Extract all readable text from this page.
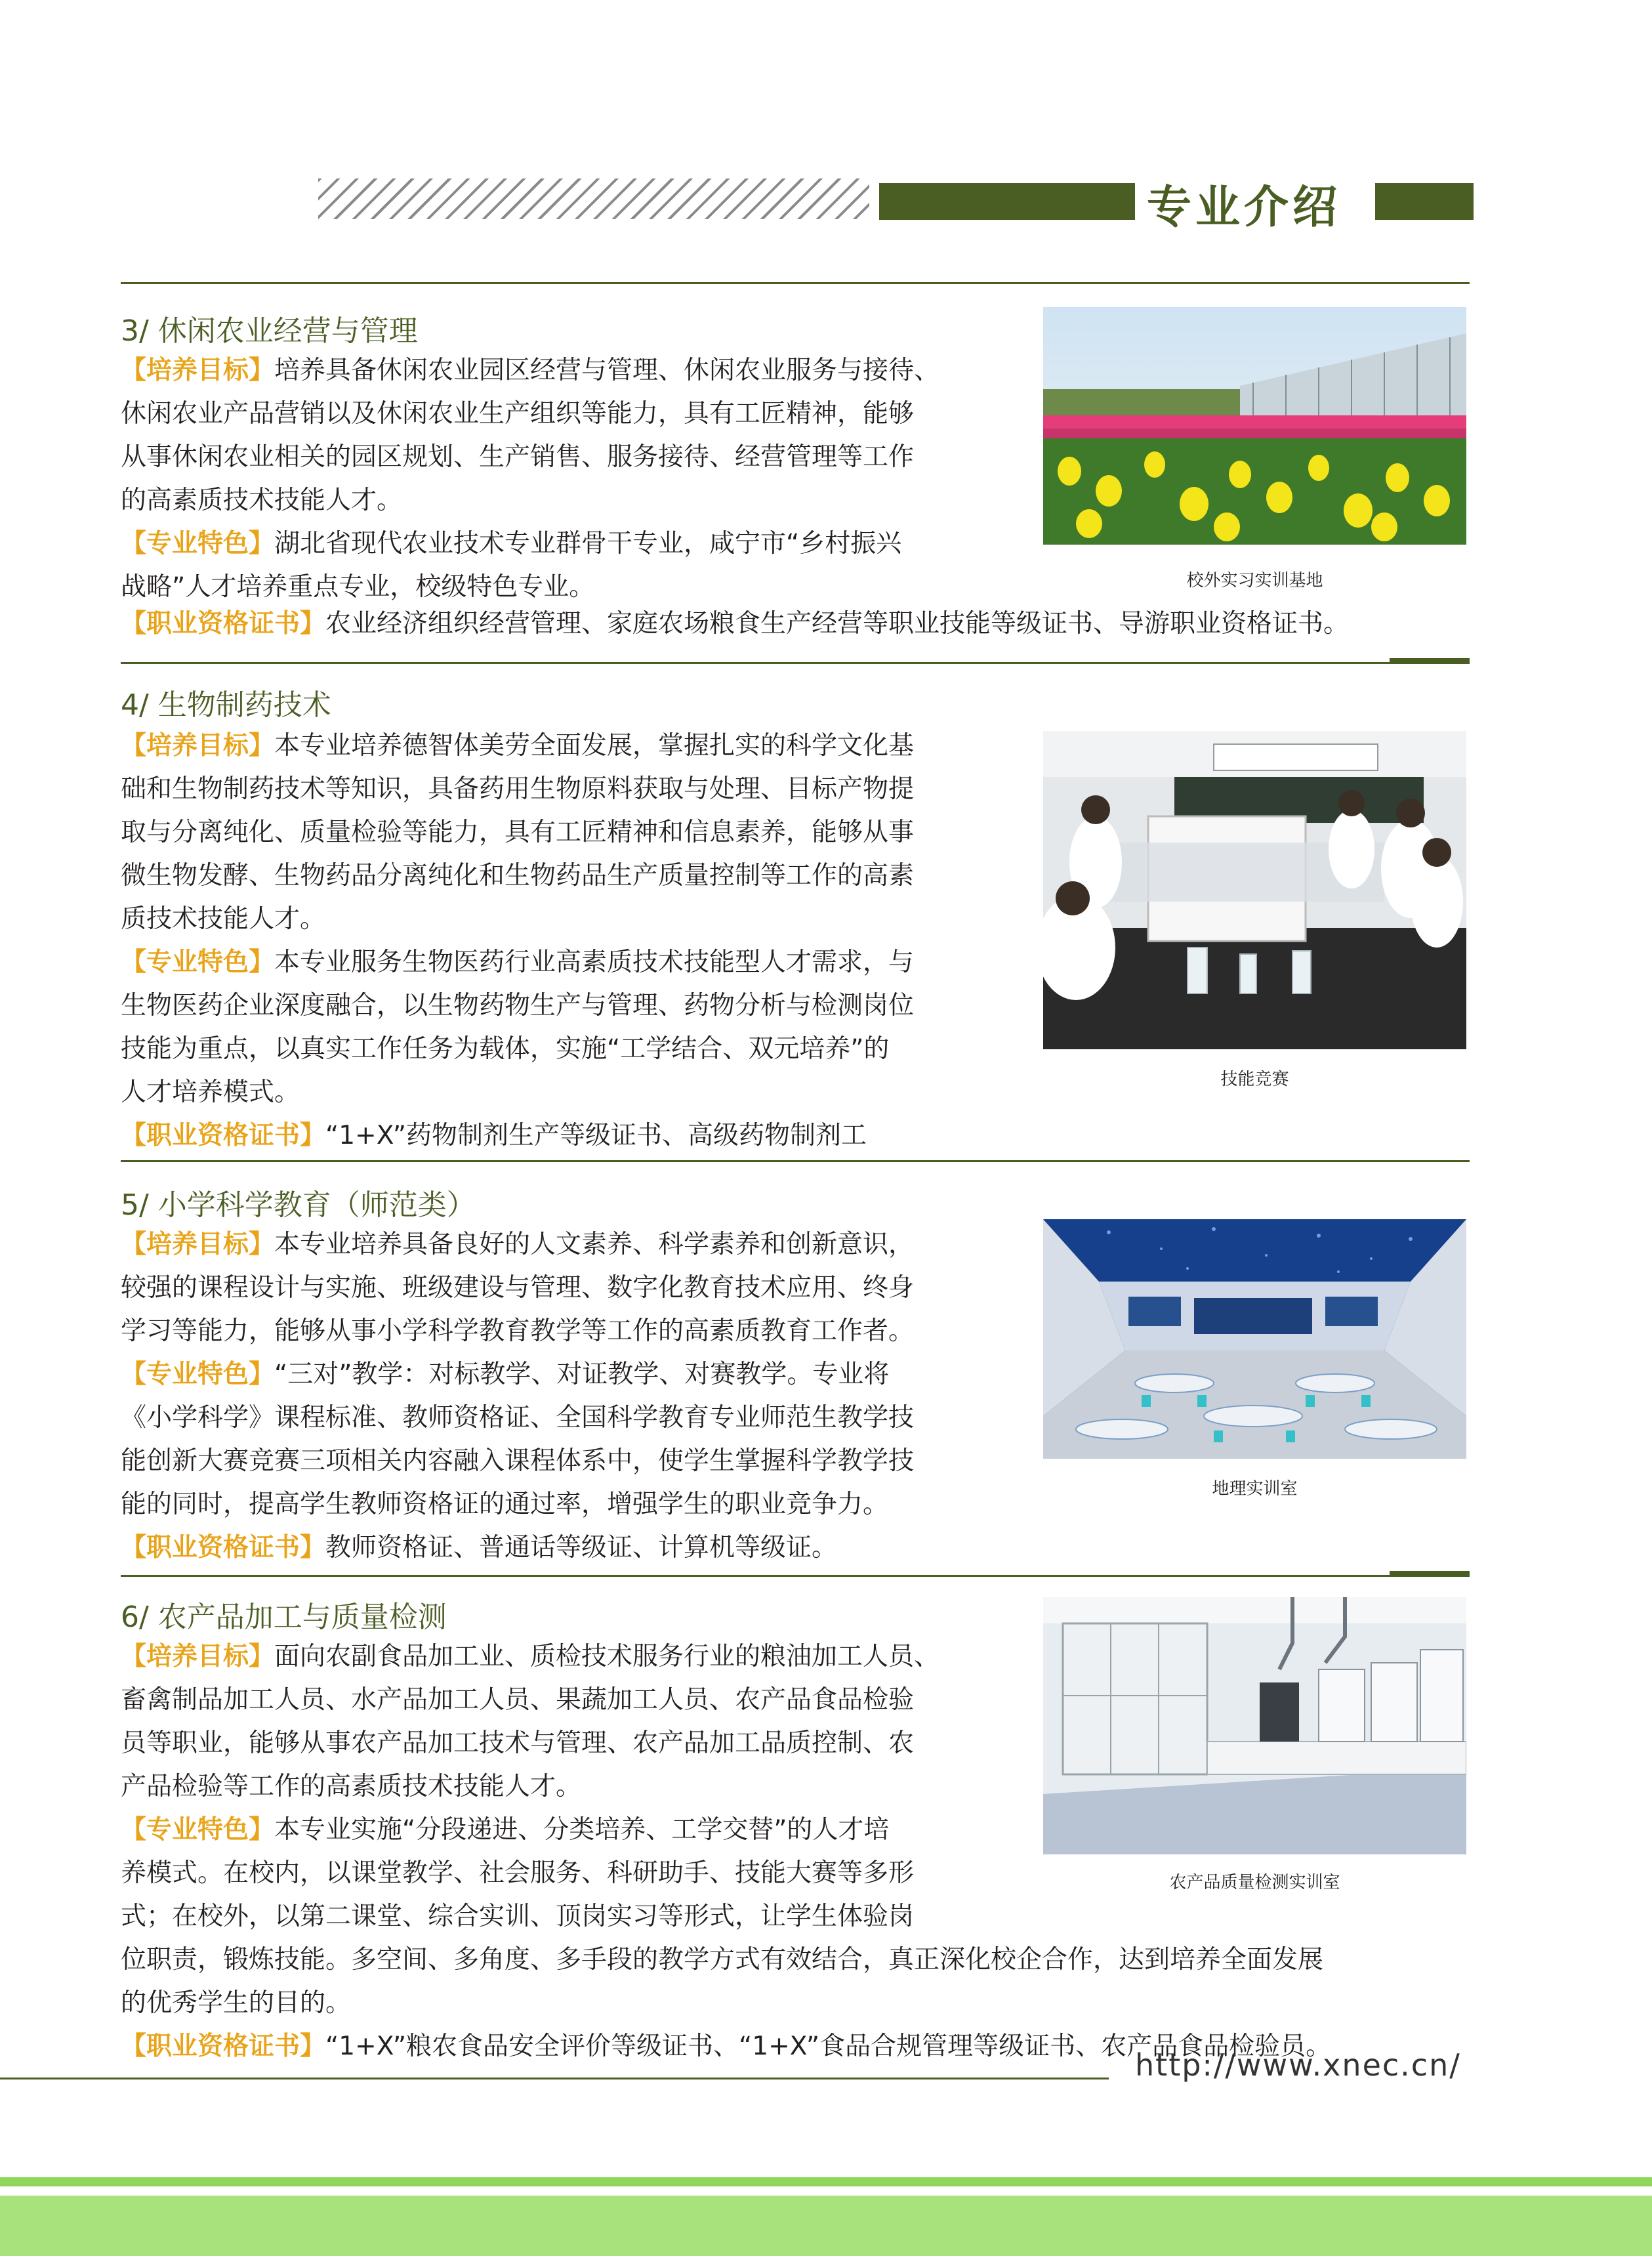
专业介绍
3/ 休闲农业经营与管理
【培养目标】培养具备休闲农业园区经营与管理、休闲农业服务与接待、
休闲农业产品营销以及休闲农业生产组织等能力，具有工匠精神，能够
从事休闲农业相关的园区规划、生产销售、服务接待、经营管理等工作
的高素质技术技能人才。
【专业特色】湖北省现代农业技术专业群骨干专业，咸宁市“乡村振兴
战略”人才培养重点专业，校级特色专业。
【职业资格证书】农业经济组织经营管理、家庭农场粮食生产经营等职业技能等级证书、导游职业资格证书。
校外实习实训基地
4/ 生物制药技术
【培养目标】本专业培养德智体美劳全面发展，掌握扎实的科学文化基
础和生物制药技术等知识，具备药用生物原料获取与处理、目标产物提
取与分离纯化、质量检验等能力，具有工匠精神和信息素养，能够从事
微生物发酵、生物药品分离纯化和生物药品生产质量控制等工作的高素
质技术技能人才。
【专业特色】本专业服务生物医药行业高素质技术技能型人才需求，与
生物医药企业深度融合，以生物药物生产与管理、药物分析与检测岗位
技能为重点，以真实工作任务为载体，实施“工学结合、双元培养”的
人才培养模式。
【职业资格证书】“1+X”药物制剂生产等级证书、高级药物制剂工
技能竞赛
5/ 小学科学教育（师范类）
【培养目标】本专业培养具备良好的人文素养、科学素养和创新意识，
较强的课程设计与实施、班级建设与管理、数字化教育技术应用、终身
学习等能力，能够从事小学科学教育教学等工作的高素质教育工作者。
【专业特色】“三对”教学：对标教学、对证教学、对赛教学。专业将
《小学科学》课程标准、教师资格证、全国科学教育专业师范生教学技
能创新大赛竞赛三项相关内容融入课程体系中，使学生掌握科学教学技
能的同时，提高学生教师资格证的通过率，增强学生的职业竞争力。
【职业资格证书】教师资格证、普通话等级证、计算机等级证。
地理实训室
6/ 农产品加工与质量检测
【培养目标】面向农副食品加工业、质检技术服务行业的粮油加工人员、
畜禽制品加工人员、水产品加工人员、果蔬加工人员、农产品食品检验
员等职业，能够从事农产品加工技术与管理、农产品加工品质控制、农
产品检验等工作的高素质技术技能人才。
【专业特色】本专业实施“分段递进、分类培养、工学交替”的人才培
养模式。在校内，以课堂教学、社会服务、科研助手、技能大赛等多形
式；在校外，以第二课堂、综合实训、顶岗实习等形式，让学生体验岗
位职责，锻炼技能。多空间、多角度、多手段的教学方式有效结合，真正深化校企合作，达到培养全面发展
的优秀学生的目的。
【职业资格证书】“1+X”粮农食品安全评价等级证书、“1+X”食品合规管理等级证书、农产品食品检验员。
农产品质量检测实训室
http://www.xnec.cn/
